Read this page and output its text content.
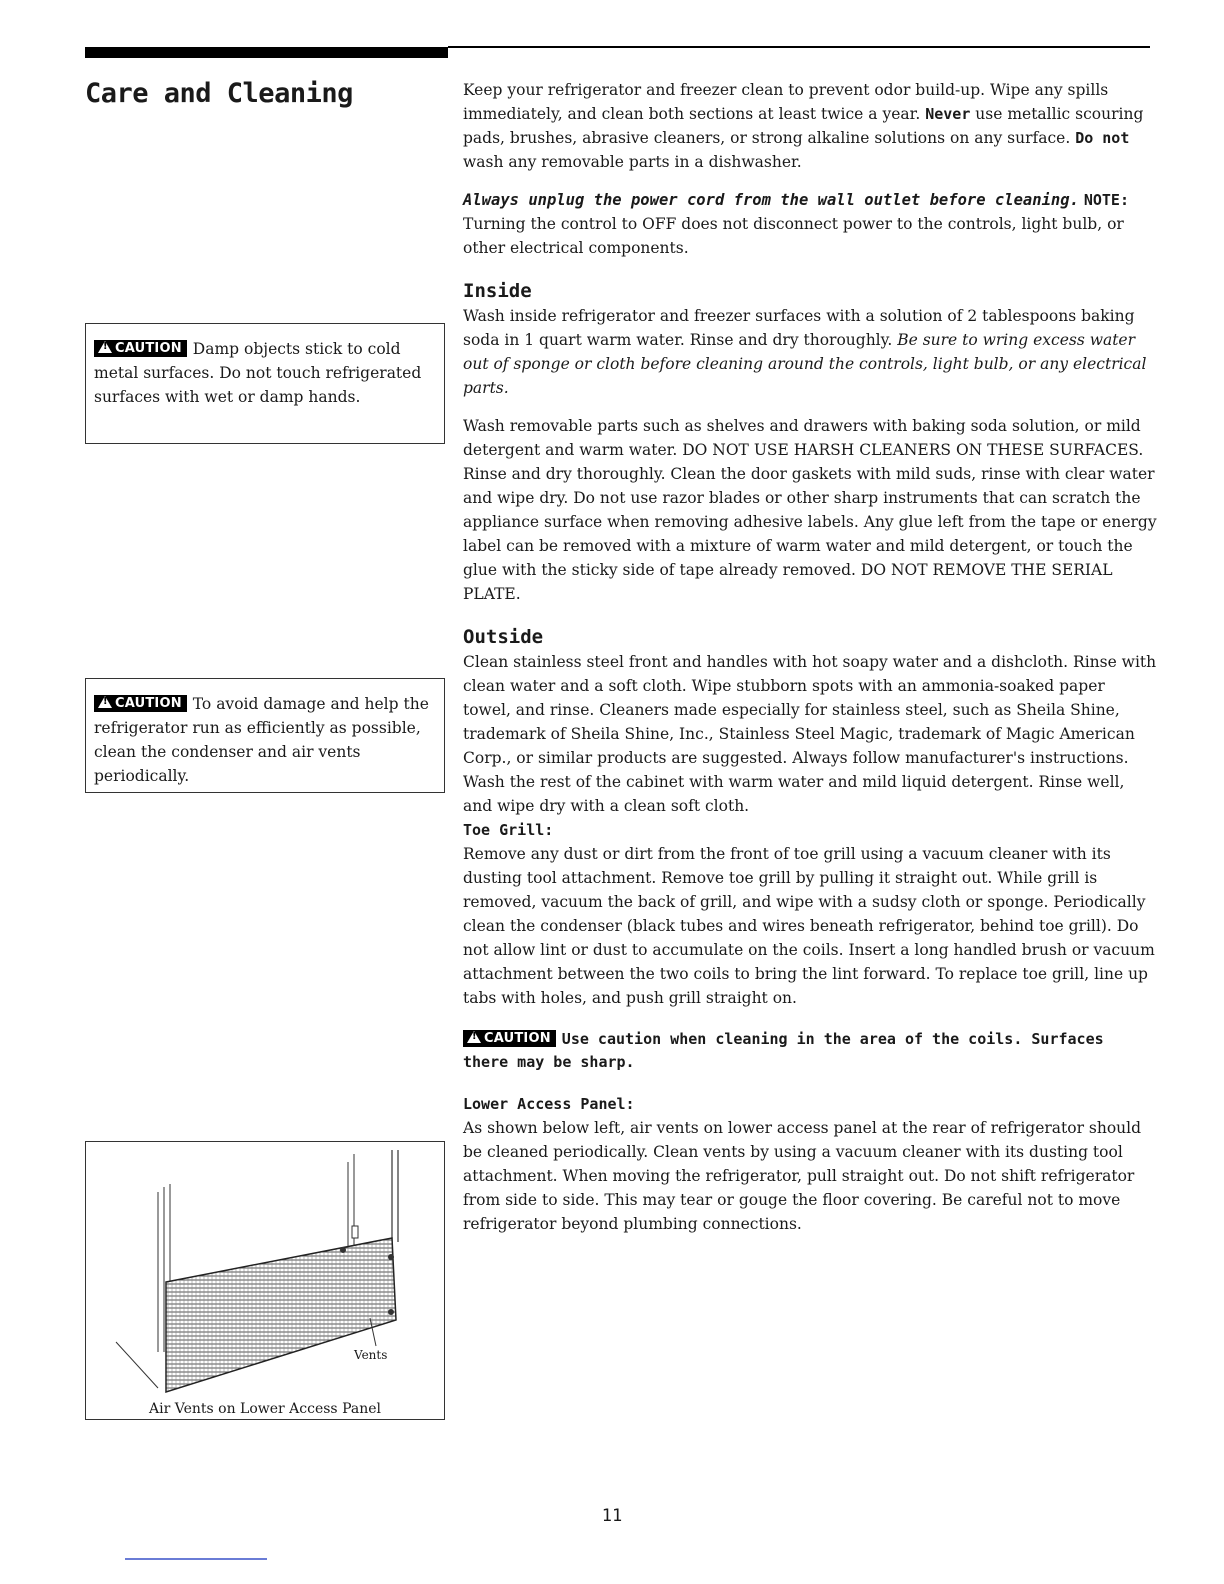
Care and Cleaning	Keep your refrigerator and freezer clean to prevent odor build-up. Wipe any spills immediately, and clean both sections at least twice a year. Never use metallic scouring pads, brushes, abrasive cleaners, or strong alkaline solutions on any surface. Do not wash any removable parts in a dishwasher.

Always unplug the power cord from the wall outlet before cleaning. NOTE: Turning the control to OFF does not disconnect power to the controls, light bulb, or other electrical components.

Inside

Wash inside refrigerator and freezer surfaces with a solution of 2 tablespoons baking soda in 1 quart warm water. Rinse and dry thoroughly. Be sure to wring excess water out of sponge or cloth before cleaning around the controls, light bulb, or any electrical parts.

Wash removable parts such as shelves and drawers with baking soda solution, or mild detergent and warm water. DO NOT USE HARSH CLEANERS ON THESE SURFACES. Rinse and dry thoroughly. Clean the door gaskets with mild suds, rinse with clear water and wipe dry. Do not use razor blades or other sharp instruments that can scratch the appliance surface when removing adhesive labels. Any glue left from the tape or energy label can be removed with a mixture of warm water and mild detergent, or touch the glue with the sticky side of tape already removed. DO NOT REMOVE THE SERIAL PLATE.

Outside

Clean stainless steel front and handles with hot soapy water and a dishcloth. Rinse with clean water and a soft cloth. Wipe stubborn spots with an ammonia-soaked paper towel, and rinse. Cleaners made especially for stainless steel, such as Sheila Shine, trademark of Sheila Shine, Inc., Stainless Steel Magic, trademark of Magic American Corp., or similar products are suggested. Always follow manufacturer's instructions. Wash the rest of the cabinet with warm water and mild liquid detergent. Rinse well, and wipe dry with a clean soft cloth.

Toe Grill:

Remove any dust or dirt from the front of toe grill using a vacuum cleaner with its dusting tool attachment. Remove toe grill by pulling it straight out. While grill is removed, vacuum the back of grill, and wipe with a sudsy cloth or sponge. Periodically clean the condenser (black tubes and wires beneath refrigerator, behind toe grill). Do not allow lint or dust to accumulate on the coils. Insert a long handled brush or vacuum attachment between the two coils to bring the lint forward. To replace toe grill, line up tabs with holes, and push grill straight on.

!CAUTION Use caution when cleaning in the area of the coils. Surfaces there may be sharp.

Lower Access Panel:

As shown below left, air vents on lower access panel at the rear of refrigerator should be cleaned periodically. Clean vents by using a vacuum cleaner with its dusting tool attachment. When moving the refrigerator, pull straight out. Do not shift refrigerator from side to side. This may tear or gouge the floor covering. Be careful not to move refrigerator beyond plumbing connections.

!CAUTION Damp objects stick to cold metal surfaces. Do not touch refrigerated surfaces with wet or damp hands.
!CAUTION To avoid damage and help the refrigerator run as efficiently as possible, clean the condenser and air vents periodically.
Vents
Air Vents on Lower Access Panel
11
